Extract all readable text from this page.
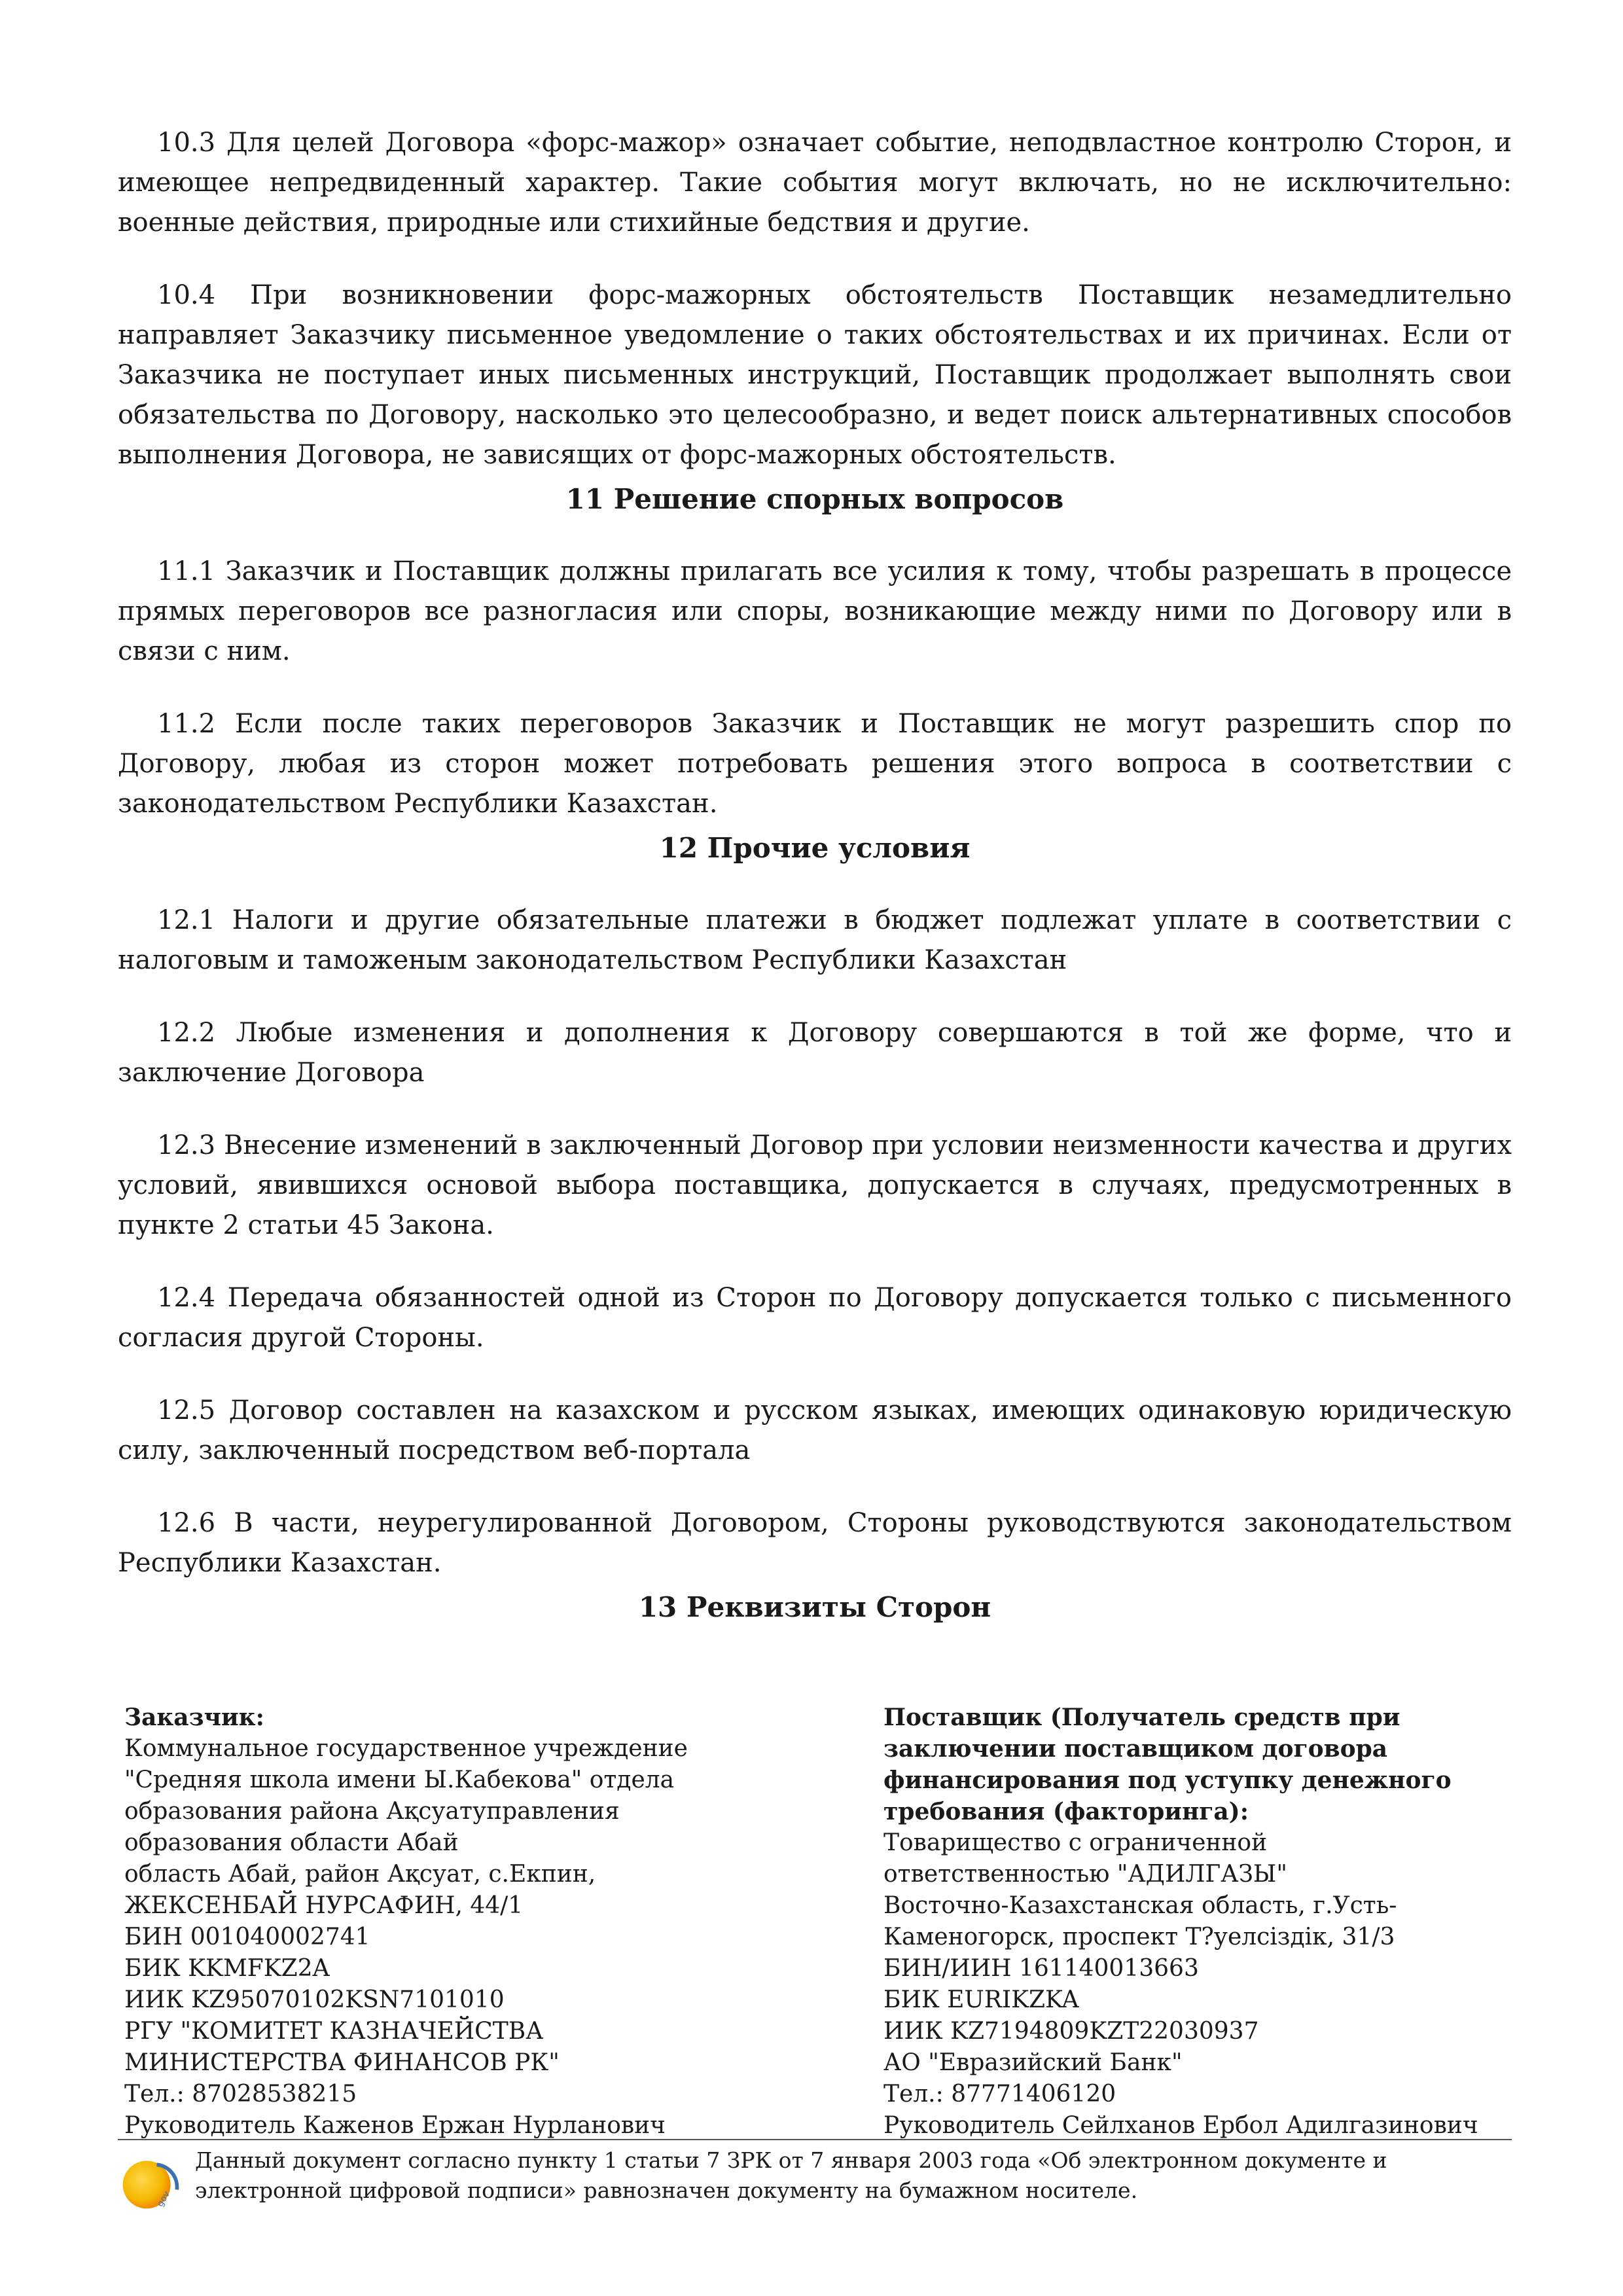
10.3 Для целей Договора «форс-мажор» означает событие, неподвластное контролю Сторон, и имеющее непредвиденный характер. Такие события могут включать, но не исключительно: военные действия, природные или стихийные бедствия и другие.

10.4 При возникновении форс-мажорных обстоятельств Поставщик незамедлительно направляет Заказчику письменное уведомление о таких обстоятельствах и их причинах. Если от Заказчика не поступает иных письменных инструкций, Поставщик продолжает выполнять свои обязательства по Договору, насколько это целесообразно, и ведет поиск альтернативных способов выполнения Договора, не зависящих от форс-мажорных обстоятельств.

11 Решение спорных вопросов

11.1 Заказчик и Поставщик должны прилагать все усилия к тому, чтобы разрешать в процессе прямых переговоров все разногласия или споры, возникающие между ними по Договору или в связи с ним.

11.2 Если после таких переговоров Заказчик и Поставщик не могут разрешить спор по Договору, любая из сторон может потребовать решения этого вопроса в соответствии с законодательством Республики Казахстан.

12 Прочие условия

12.1 Налоги и другие обязательные платежи в бюджет подлежат уплате в соответствии с налоговым и таможеным законодательством Республики Казахстан

12.2 Любые изменения и дополнения к Договору совершаются в той же форме, что и заключение Договора

12.3 Внесение изменений в заключенный Договор при условии неизменности качества и других условий, явившихся основой выбора поставщика, допускается в случаях, предусмотренных в пункте 2 статьи 45 Закона.

12.4 Передача обязанностей одной из Сторон по Договору допускается только с письменного согласия другой Стороны.

12.5 Договор составлен на казахском и русском языках, имеющих одинаковую юридическую силу, заключенный посредством веб-портала

12.6 В части, неурегулированной Договором, Стороны руководствуются законодательством Республики Казахстан.

13 Реквизиты Сторон
Заказчик:
Коммунальное государственное учреждение
"Средняя школа имени Ы.Кабекова" отдела
образования района Ақсуатуправления
образования области Абай
область Абай, район Ақсуат, с.Екпин,
ЖЕКСЕНБАЙ НУРСАФИН, 44/1
БИН 001040002741
БИК KKMFKZ2A
ИИК KZ95070102KSN7101010
РГУ "КОМИТЕТ КАЗНАЧЕЙСТВА
МИНИСТЕРСТВА ФИНАНСОВ РК"
Тел.: 87028538215
Руководитель Каженов Ержан Нурланович
Поставщик (Получатель средств при
заключении поставщиком договора
финансирования под уступку денежного
требования (факторинга):
Товарищество с ограниченной
ответственностью "АДИЛГАЗЫ"
Восточно-Казахстанская область, г.Усть-
Каменогорск, проспект Т?уелсіздік, 31/3
БИН/ИИН 161140013663
БИК EURIKZKA
ИИК KZ7194809KZT22030937
АО "Евразийский Банк"
Тел.: 87771406120
Руководитель Сейлханов Ербол Адилгазинович
gov
Данный документ согласно пункту 1 статьи 7 ЗРК от 7 января 2003 года «Об электронном документе и
электронной цифровой подписи» равнозначен документу на бумажном носителе.
